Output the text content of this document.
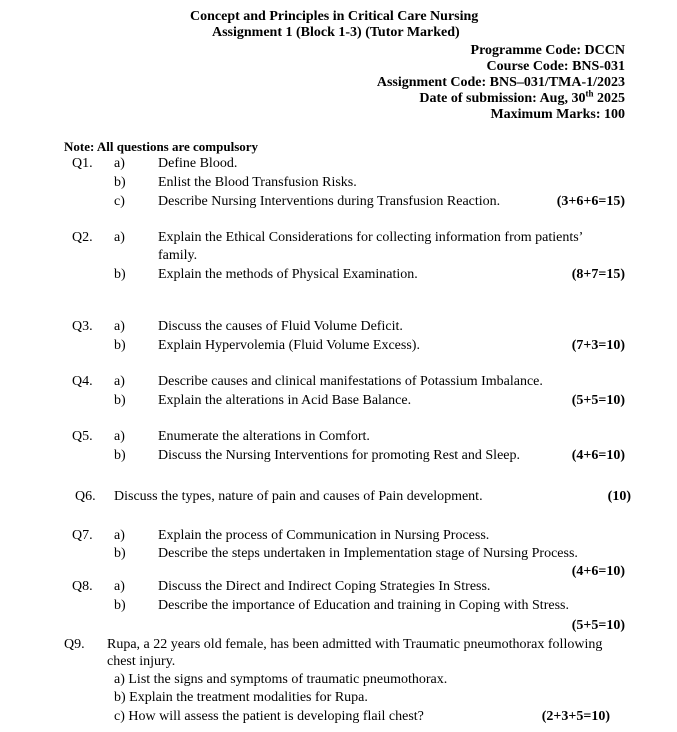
Concept and Principles in Critical Care Nursing
Assignment 1 (Block 1-3) (Tutor Marked)
Programme Code: DCCN
Course Code: BNS-031
Assignment Code: BNS–031/TMA-1/2023
Date of submission: Aug, 30th 2025
Maximum Marks: 100
Note: All questions are compulsory
Q1. a) Define Blood.
b) Enlist the Blood Transfusion Risks.
c) Describe Nursing Interventions during Transfusion Reaction.	(3+6+6=15)
Q2. a) Explain the Ethical Considerations for collecting information from patients’
family.
b) Explain the methods of Physical Examination.	(8+7=15)
Q3. a) Discuss the causes of Fluid Volume Deficit.
b) Explain Hypervolemia (Fluid Volume Excess).	(7+3=10)
Q4. a) Describe causes and clinical manifestations of Potassium Imbalance.
b) Explain the alterations in Acid Base Balance.	(5+5=10)
Q5. a) Enumerate the alterations in Comfort.
b) Discuss the Nursing Interventions for promoting Rest and Sleep.	(4+6=10)
Q6. Discuss the types, nature of pain and causes of Pain development.	(10)
Q7. a) Explain the process of Communication in Nursing Process.
b) Describe the steps undertaken in Implementation stage of Nursing Process.
(4+6=10)
Q8. a) Discuss the Direct and Indirect Coping Strategies In Stress.
b) Describe the importance of Education and training in Coping with Stress.
(5+5=10)
Q9. Rupa, a 22 years old female, has been admitted with Traumatic pneumothorax following
chest injury.
a) List the signs and symptoms of traumatic pneumothorax.
b) Explain the treatment modalities for Rupa.
c) How will assess the patient is developing flail chest?	(2+3+5=10)
